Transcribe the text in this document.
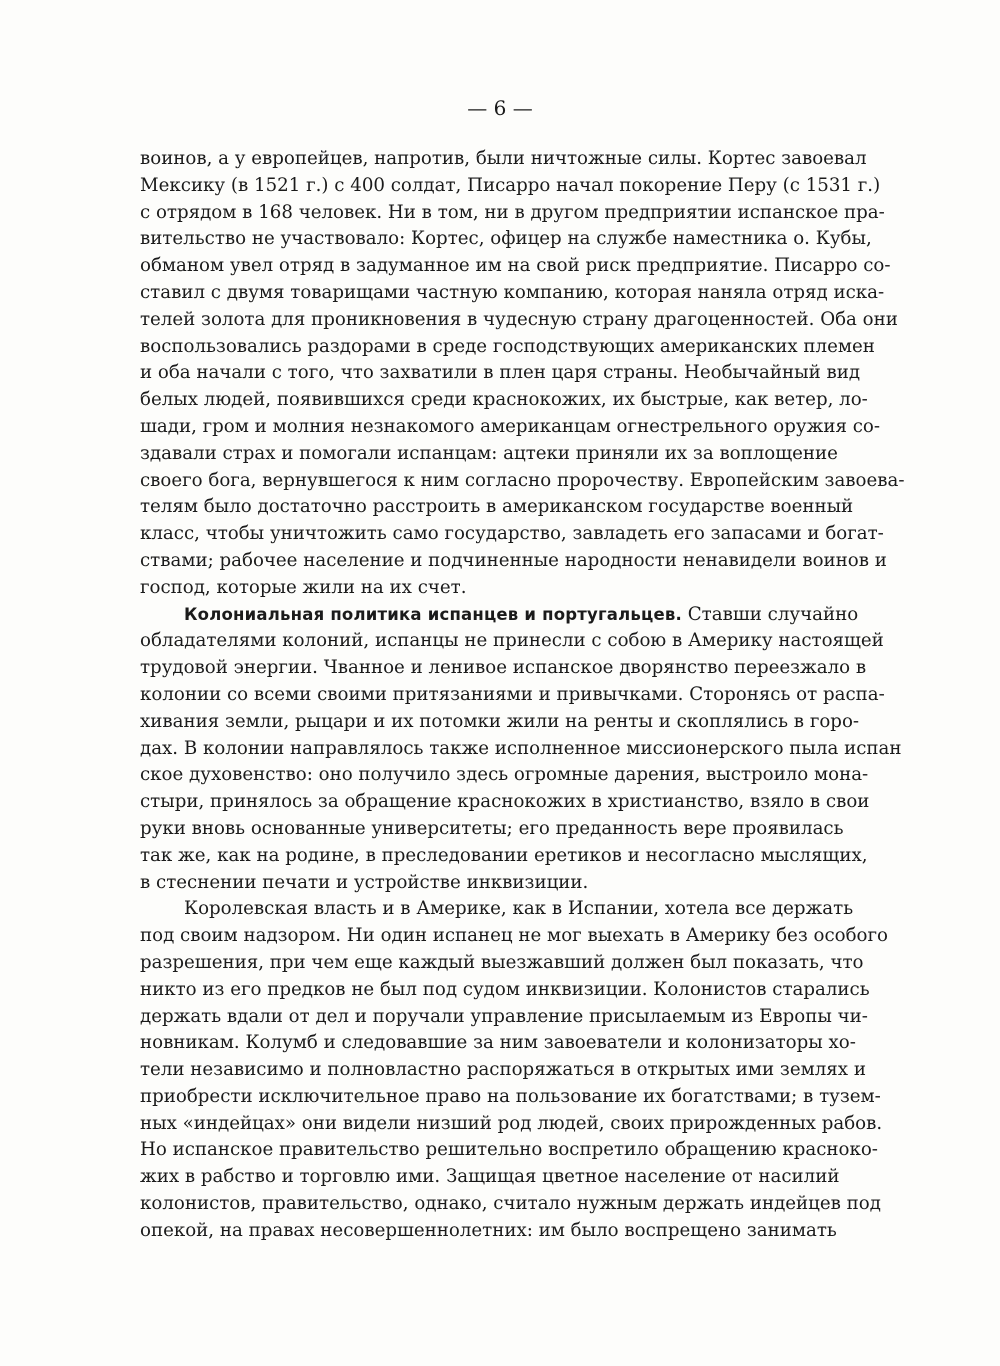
— 6 —
воинов, а у европейцев, напротив, были ничтожные силы. Кортес завоевал
Мексику (в 1521 г.) с 400 солдат, Писарро начал покорение Перу (с 1531 г.)
с отрядом в 168 человек. Ни в том, ни в другом предприятии испанское пра-
вительство не участвовало: Кортес, офицер на службе наместника о. Кубы,
обманом увел отряд в задуманное им на свой риск предприятие. Писарро со-
ставил с двумя товарищами частную компанию, которая наняла отряд иска-
телей золота для проникновения в чудесную страну драгоценностей. Оба они
воспользовались раздорами в среде господствующих американских племен
и оба начали с того, что захватили в плен царя страны. Необычайный вид
белых людей, появившихся среди краснокожих, их быстрые, как ветер, ло-
шади, гром и молния незнакомого американцам огнестрельного оружия со-
здавали страх и помогали испанцам: ацтеки приняли их за воплощение
своего бога, вернувшегося к ним согласно пророчеству. Европейским завоева-
телям было достаточно расстроить в американском государстве военный
класс, чтобы уничтожить само государство, завладеть его запасами и богат-
ствами; рабочее население и подчиненные народности ненавидели воинов и
господ, которые жили на их счет.
Колониальная политика испанцев и португальцев. Ставши случайно
обладателями колоний, испанцы не принесли с собою в Америку настоящей
трудовой энергии. Чванное и ленивое испанское дворянство переезжало в
колонии со всеми своими притязаниями и привычками. Сторонясь от распа-
хивания земли, рыцари и их потомки жили на ренты и скоплялись в горо-
дах. В колонии направлялось также исполненное миссионерского пыла испан
ское духовенство: оно получило здесь огромные дарения, выстроило мона-
стыри, принялось за обращение краснокожих в христианство, взяло в свои
руки вновь основанные университеты; его преданность вере проявилась
так же, как на родине, в преследовании еретиков и несогласно мыслящих,
в стеснении печати и устройстве инквизиции.
Королевская власть и в Америке, как в Испании, хотела все держать
под своим надзором. Ни один испанец не мог выехать в Америку без особого
разрешения, при чем еще каждый выезжавший должен был показать, что
никто из его предков не был под судом инквизиции. Колонистов старались
держать вдали от дел и поручали управление присылаемым из Европы чи-
новникам. Колумб и следовавшие за ним завоеватели и колонизаторы хо-
тели независимо и полновластно распоряжаться в открытых ими землях и
приобрести исключительное право на пользование их богатствами; в тузем-
ных «индейцах» они видели низший род людей, своих прирожденных рабов.
Но испанское правительство решительно воспретило обращению красноко-
жих в рабство и торговлю ими. Защищая цветное население от насилий
колонистов, правительство, однако, считало нужным держать индейцев под
опекой, на правах несовершеннолетних: им было воспрещено занимать
